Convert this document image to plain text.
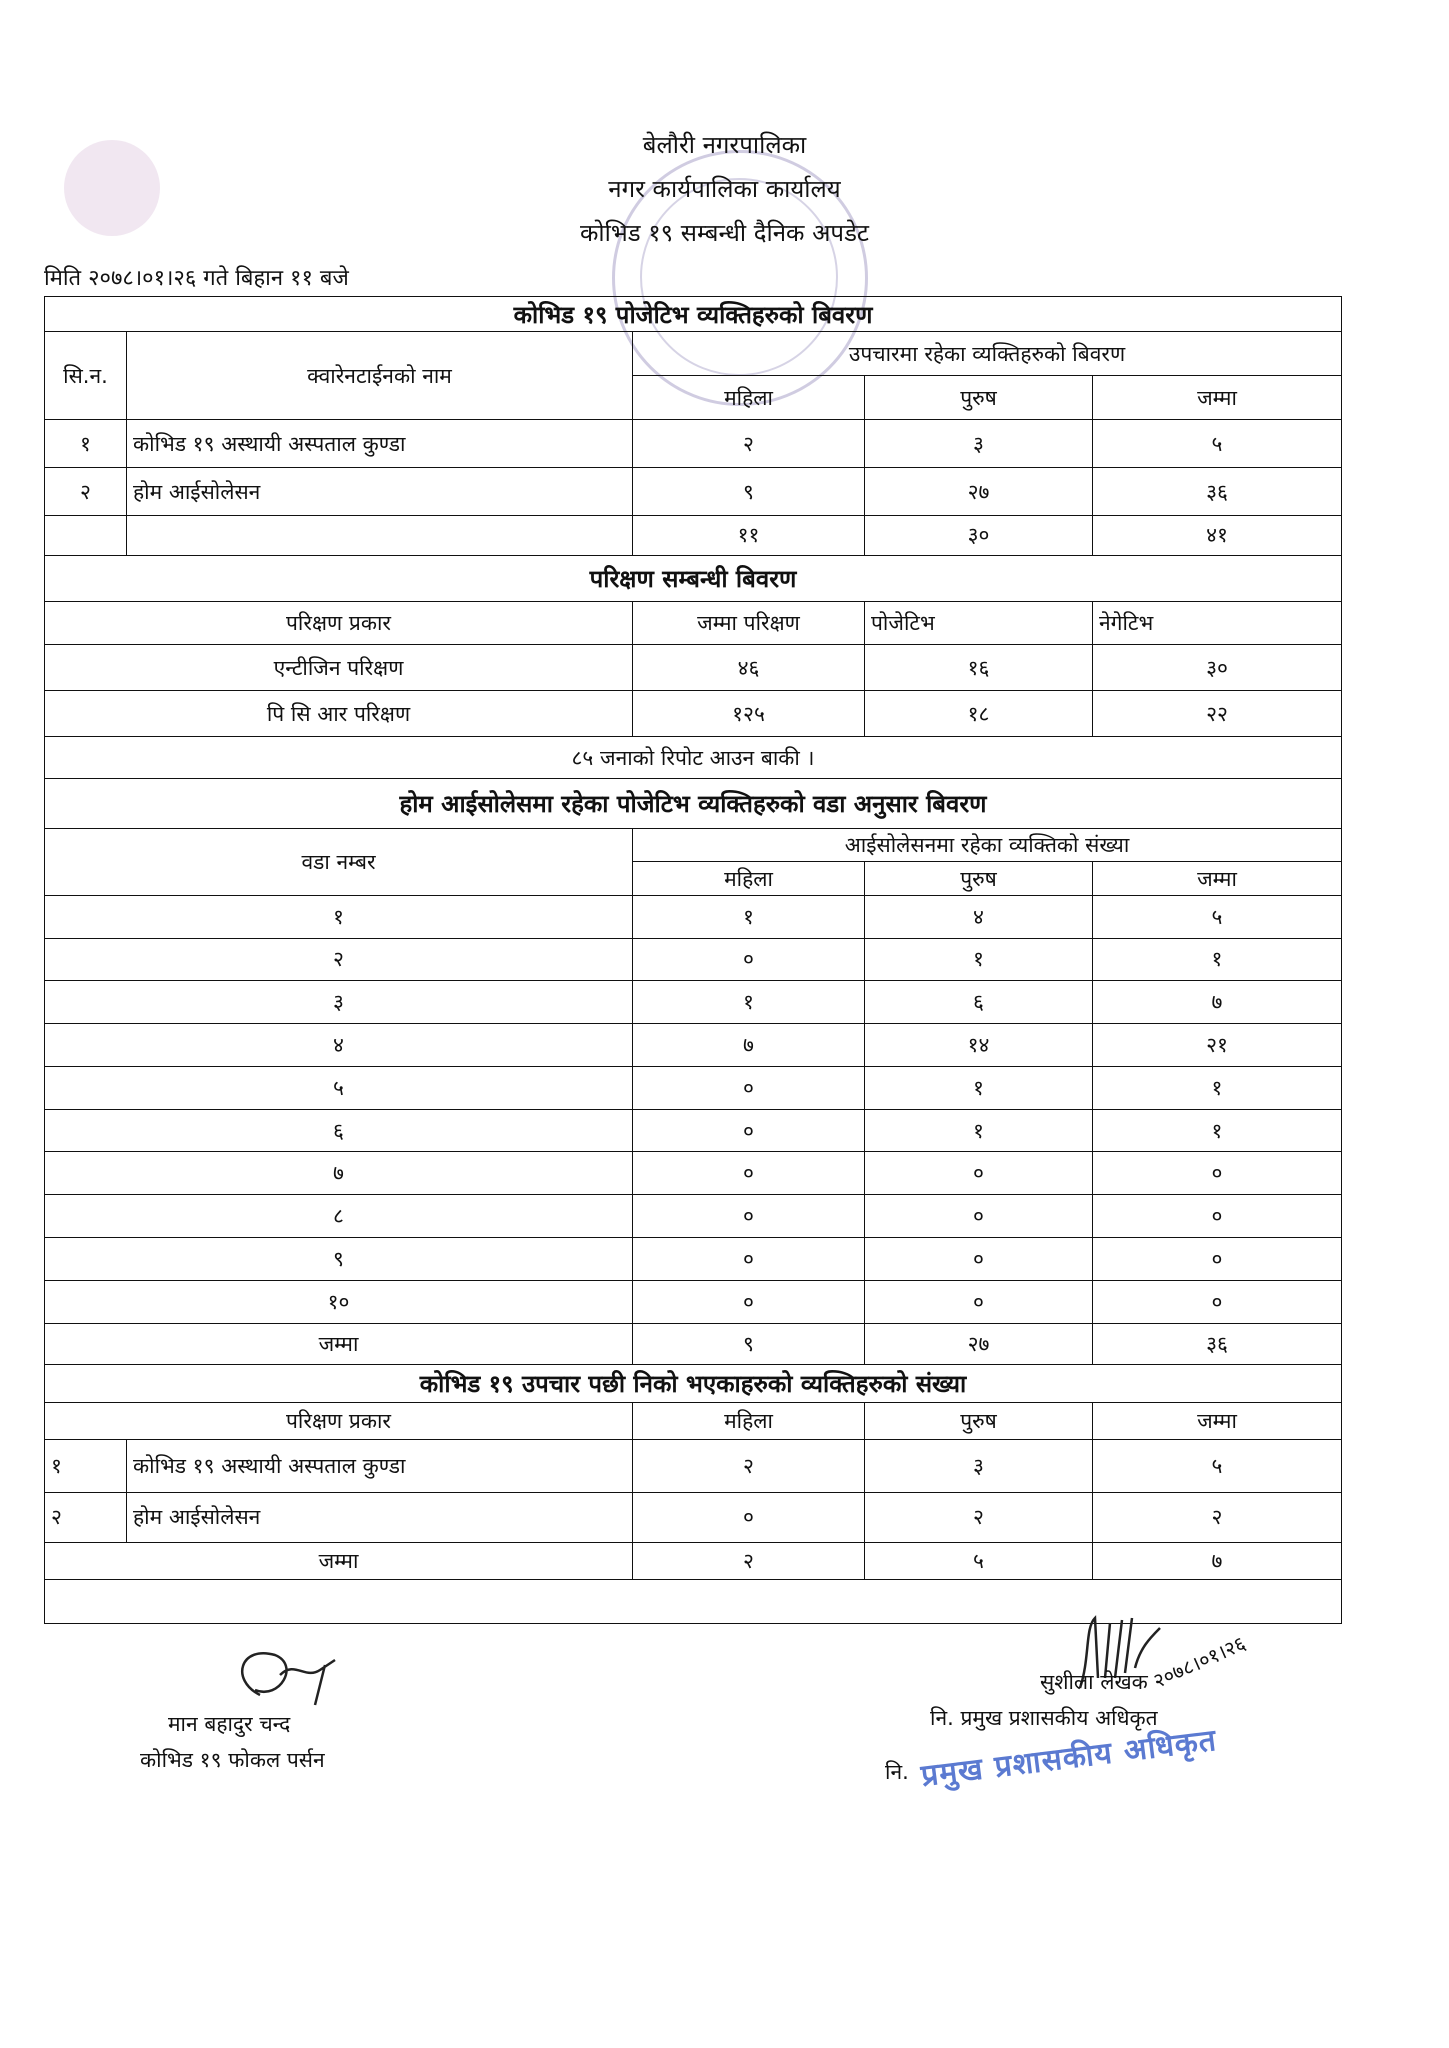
बेलौरी नगरपालिका
नगर कार्यपालिका कार्यालय
कोभिड १९ सम्बन्धी दैनिक अपडेट
मिति २०७८।०१।२६ गते बिहान ११ बजे
कोभिड १९ पोजेटिभ व्यक्तिहरुको बिवरण				
सि.न.	क्वारेनटाईनको नाम	उपचारमा रहेका व्यक्तिहरुको बिवरण		
		महिला	पुरुष	जम्मा
१	कोभिड १९ अस्थायी अस्पताल कुण्डा	२	३	५
२	होम आईसोलेसन	९	२७	३६
		११	३०	४१
परिक्षण सम्बन्धी बिवरण				
परिक्षण प्रकार		जम्मा परिक्षण	पोजेटिभ	नेगेटिभ
एन्टीजिन परिक्षण		४६	१६	३०
पि सि आर परिक्षण		१२५	१८	२२
८५ जनाको रिपोट आउन बाकी ।				
होम आईसोलेसमा रहेका पोजेटिभ व्यक्तिहरुको वडा अनुसार बिवरण				
वडा नम्बर		आईसोलेसनमा रहेका व्यक्तिको संख्या		
		महिला	पुरुष	जम्मा
१		१	४	५
२		०	१	१
३		१	६	७
४		७	१४	२१
५		०	१	१
६		०	१	१
७		०	०	०
८		०	०	०
९		०	०	०
१०		०	०	०
जम्मा		९	२७	३६
कोभिड १९ उपचार पछी निको भएकाहरुको व्यक्तिहरुको संख्या				
परिक्षण प्रकार		महिला	पुरुष	जम्मा
१	कोभिड १९ अस्थायी अस्पताल कुण्डा	२	३	५
२	होम आईसोलेसन	०	२	२
जम्मा		२	५	७

२०७८।०१।२६
मान बहादुर चन्द
कोभिड १९ फोकल पर्सन
सुशीला लेखक
नि. प्रमुख प्रशासकीय अधिकृत
नि. प्रमुख प्रशासकीय अधिकृत
